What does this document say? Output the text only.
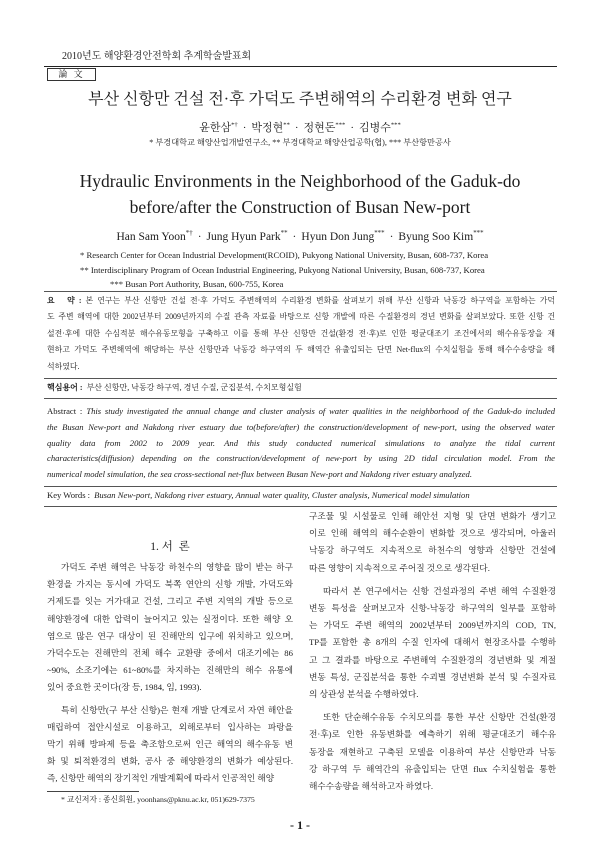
2010년도 해양환경안전학회 추계학술발표회
論 文
부산 신항만 건설 전·후 가덕도 주변해역의 수리환경 변화 연구
윤한삼*† · 박정현** · 정현돈*** · 김병수***
* 부경대학교 해양산업개발연구소, ** 부경대학교 해양산업공학(협), *** 부산항만공사
Hydraulic Environments in the Neighborhood of the Gaduk-do
before/after the Construction of Busan New-port
Han Sam Yoon*† · Jung Hyun Park** · Hyun Don Jung*** · Byung Soo Kim***
* Research Center for Ocean Industrial Development(RCOID), Pukyong National University, Busan, 608-737, Korea
** Interdisciplinary Program of Ocean Industrial Engineering, Pukyong National University, Busan, 608-737, Korea
*** Busan Port Authority, Busan, 600-755, Korea
요   약 : 본 연구는 부산 신항만 건설 전·후 가덕도 주변해역의 수리환경 변화를 살펴보기 위해 부산 신항과 낙동강 하구역을 포함하는 가덕
도 주변 해역에 대한 2002년부터 2009년까지의 수질 관측 자료를 바탕으로 신항 개발에 따른 수질환경의 경년 변화를 살펴보았다. 또한 신항 건
설전·후에 대한 수심적분 해수유동모형을 구축하고 이를 통해 부산 신항만 건설(환경 전·후)로 인한 평균대조기 조건에서의 해수유동장을 재
현하고 가덕도 주변해역에 해당하는 부산 신항만과 낙동강 하구역의 두 해역간 유출입되는 단면 Net-flux의 수치실험을 통해 해수수송량을 해
석하였다.
핵심용어 : 부산 신항만, 낙동강 하구역, 경년 수질, 군집분석, 수치모형실험
Abstract : This study investigated the annual change and cluster analysis of water qualities in the neighborhood of the Gaduk-do included
the Busan New-port and Nakdong river estuary due to(before/after) the construction/development of new-port, using the observed water
quality data from 2002 to 2009 year. And this study conducted numerical simulations to analyze the tidal current
characteristics(diffusion) depending on the construction/development of new-port by using 2D tidal circulation model. From the
numerical model simulation, the sea cross-sectional net-flux between Busan New-port and Nakdong river estuary analyzed.
Key Words : Busan New-port, Nakdong river estuary, Annual water quality, Cluster analysis, Numerical model simulation
1. 서  론
가덕도 주변 해역은 낙동강 하천수의 영향을 많이 받는 하구
환경을 가지는 동시에 가덕도 북쪽 연안의 신항 개발, 가덕도와
거제도를 잇는 거가대교 건설, 그리고 주변 지역의 개발 등으로
해양환경에 대한 압력이 늘어지고 있는 실정이다. 또한 해양 오
염으로 많은 연구 대상이 된 진해만의 입구에 위치하고 있으며,
가덕수도는 진해만의 전체 해수 교환량 중에서 대조기에는 86
~90%, 소조기에는 61~80%를 차지하는 진해만의 해수 유통에
있어 중요한 곳이다(장 등, 1984, 임, 1993).
특히 신항만(구 부산 신항)은 현재 개발 단계로서 자연 해안을
매립하여 접안시설로 이용하고, 외해로부터 입사하는 파랑을
막기 위해 방파제 등을 축조함으로써 인근 해역의 해수유동 변
화 및 퇴적환경의 변화, 공사 중 해양환경의 변화가 예상된다.
즉, 신항만 해역의 장기적인 개발계획에 따라서 인공적인 해양
구조물 및 시설물로 인해 해안선 지형 및 단면 변화가 생기고
이로 인해 해역의 해수순환이 변화할 것으로 생각되며, 아울러
낙동강 하구역도 지속적으로 하천수의 영향과 신항만 건설에
따른 영향이 지속적으로 주어질 것으로 생각된다.
따라서 본 연구에서는 신항 건설과정의 주변 해역 수질환경
변동 특성을 살펴보고자 신항-낙동강 하구역의 일부를 포함하
는 가덕도 주변 해역의 2002년부터 2009년까지의 COD, TN,
TP를 포함한 총 8개의 수질 인자에 대해서 현장조사를 수행하
고 그 결과를 바탕으로 주변해역 수질환경의 경년변화 및 계절
변동 특성, 군집분석을 통한 수괴별 경년변화 분석 및 수질자료
의 상관성 분석을 수행하였다.
또한 단순해수유동 수치모의를 통한 부산 신항만 건설(환경
전·후)로 인한 유동변화를 예측하기 위해 평균대조기 해수유
동장을 재현하고 구축된 모델을 이용하여 부산 신항만과 낙동
강 하구역 두 해역간의 유출입되는 단면 flux 수치실험을 통한
해수수송량을 해석하고자 하였다.
* 교신저자 : 종신회원, yoonhans@pknu.ac.kr, 051)629-7375
- 1 -
